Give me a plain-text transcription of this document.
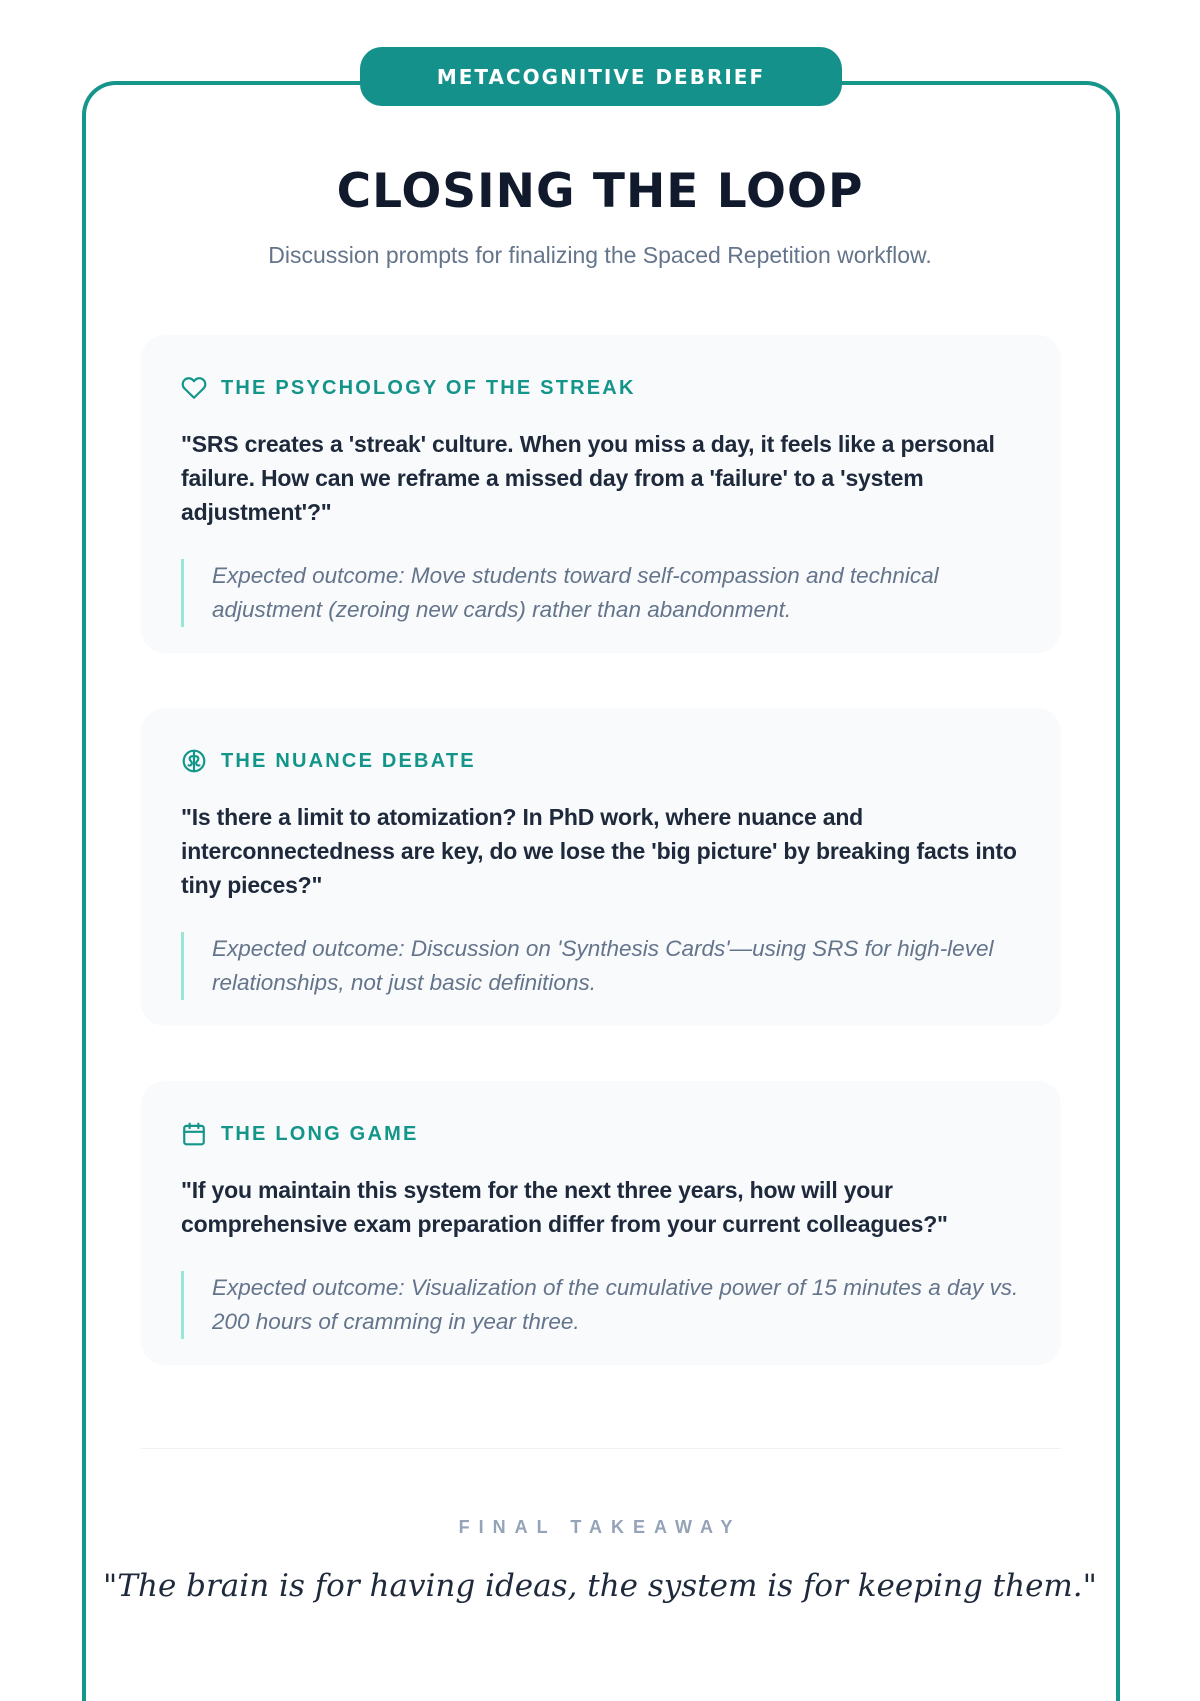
METACOGNITIVE DEBRIEF
CLOSING THE LOOP

Discussion prompts for finalizing the Spaced Repetition workflow.

THE PSYCHOLOGY OF THE STREAK

"SRS creates a 'streak' culture. When you miss a day, it feels like a personal failure. How can we reframe a missed day from a 'failure' to a 'system adjustment'?"

Expected outcome: Move students toward self-compassion and technical adjustment (zeroing new cards) rather than abandonment.

THE NUANCE DEBATE

"Is there a limit to atomization? In PhD work, where nuance and interconnectedness are key, do we lose the 'big picture' by breaking facts into tiny pieces?"

Expected outcome: Discussion on 'Synthesis Cards'—using SRS for high-level relationships, not just basic definitions.

THE LONG GAME

"If you maintain this system for the next three years, how will your comprehensive exam preparation differ from your current colleagues?"

Expected outcome: Visualization of the cumulative power of 15 minutes a day vs. 200 hours of cramming in year three.

FINAL TAKEAWAY
"The brain is for having ideas, the system is for keeping them."
